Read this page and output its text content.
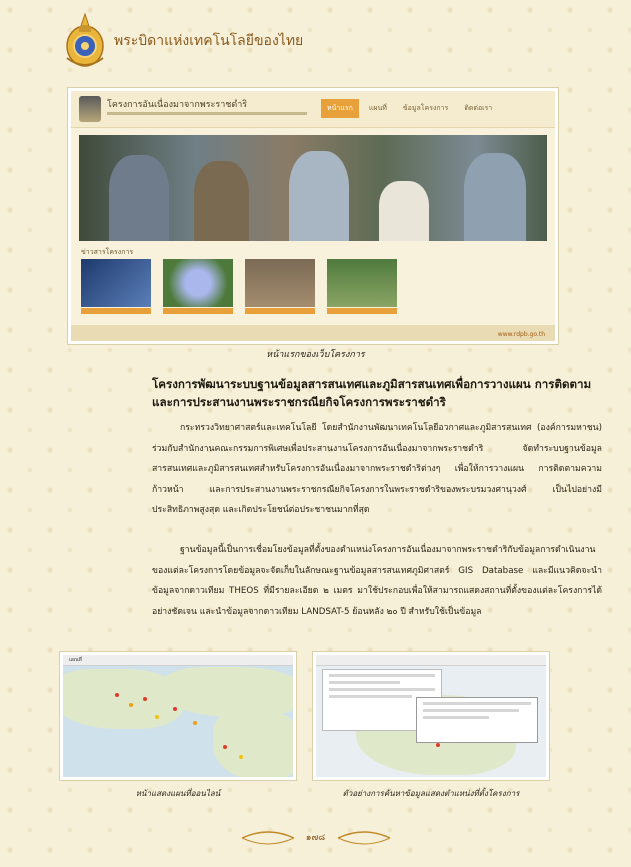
พระบิดาแห่งเทคโนโลยีของไทย
โครงการอันเนื่องมาจากพระราชดำริ	หน้าแรก	แผนที่	ข้อมูลโครงการ	ติดต่อเรา
ข่าวสารโครงการ
www.rdpb.go.th
หน้าแรกของเว็บโครงการ
โครงการพัฒนาระบบฐานข้อมูลสารสนเทศและภูมิสารสนเทศเพื่อการวางแผน การติดตามและการประสานงานพระราชกรณียกิจโครงการพระราชดำริ
กระทรวงวิทยาศาสตร์และเทคโนโลยี โดยสำนักงานพัฒนาเทคโนโลยีอวกาศและภูมิสารสนเทศ (องค์การมหาชน) ร่วมกับสำนักงานคณะกรรมการพิเศษเพื่อประสานงานโครงการอันเนื่องมาจากพระราชดำริ จัดทำระบบฐานข้อมูลสารสนเทศและภูมิสารสนเทศสำหรับโครงการอันเนื่องมาจากพระราชดำริต่างๆ เพื่อให้การวางแผน การติดตามความก้าวหน้า และการประสานงานพระราชกรณียกิจโครงการในพระราชดำริของพระบรมวงศานุวงศ์ เป็นไปอย่างมีประสิทธิภาพสูงสุด และเกิดประโยชน์ต่อประชาชนมากที่สุด
ฐานข้อมูลนี้เป็นการเชื่อมโยงข้อมูลที่ตั้งของตำแหน่งโครงการอันเนื่องมาจากพระราชดำริกับข้อมูลการดำเนินงานของแต่ละโครงการโดยข้อมูลจะจัดเก็บในลักษณะฐานข้อมูลสารสนเทศภูมิศาสตร์ GIS Database และมีแนวคิดจะนำข้อมูลจากดาวเทียม THEOS ที่มีรายละเอียด ๒ เมตร มาใช้ประกอบเพื่อให้สามารถแสดงสถานที่ตั้งของแต่ละโครงการได้อย่างชัดเจน และนำข้อมูลจากดาวเทียม LANDSAT-5 ย้อนหลัง ๒๐ ปี สำหรับใช้เป็นข้อมูล
แผนที่
หน้าแสดงแผนที่ออนไลน์	ตัวอย่างการค้นหาข้อมูลแสดงตำแหน่งที่ตั้งโครงการ
๑๗๘
